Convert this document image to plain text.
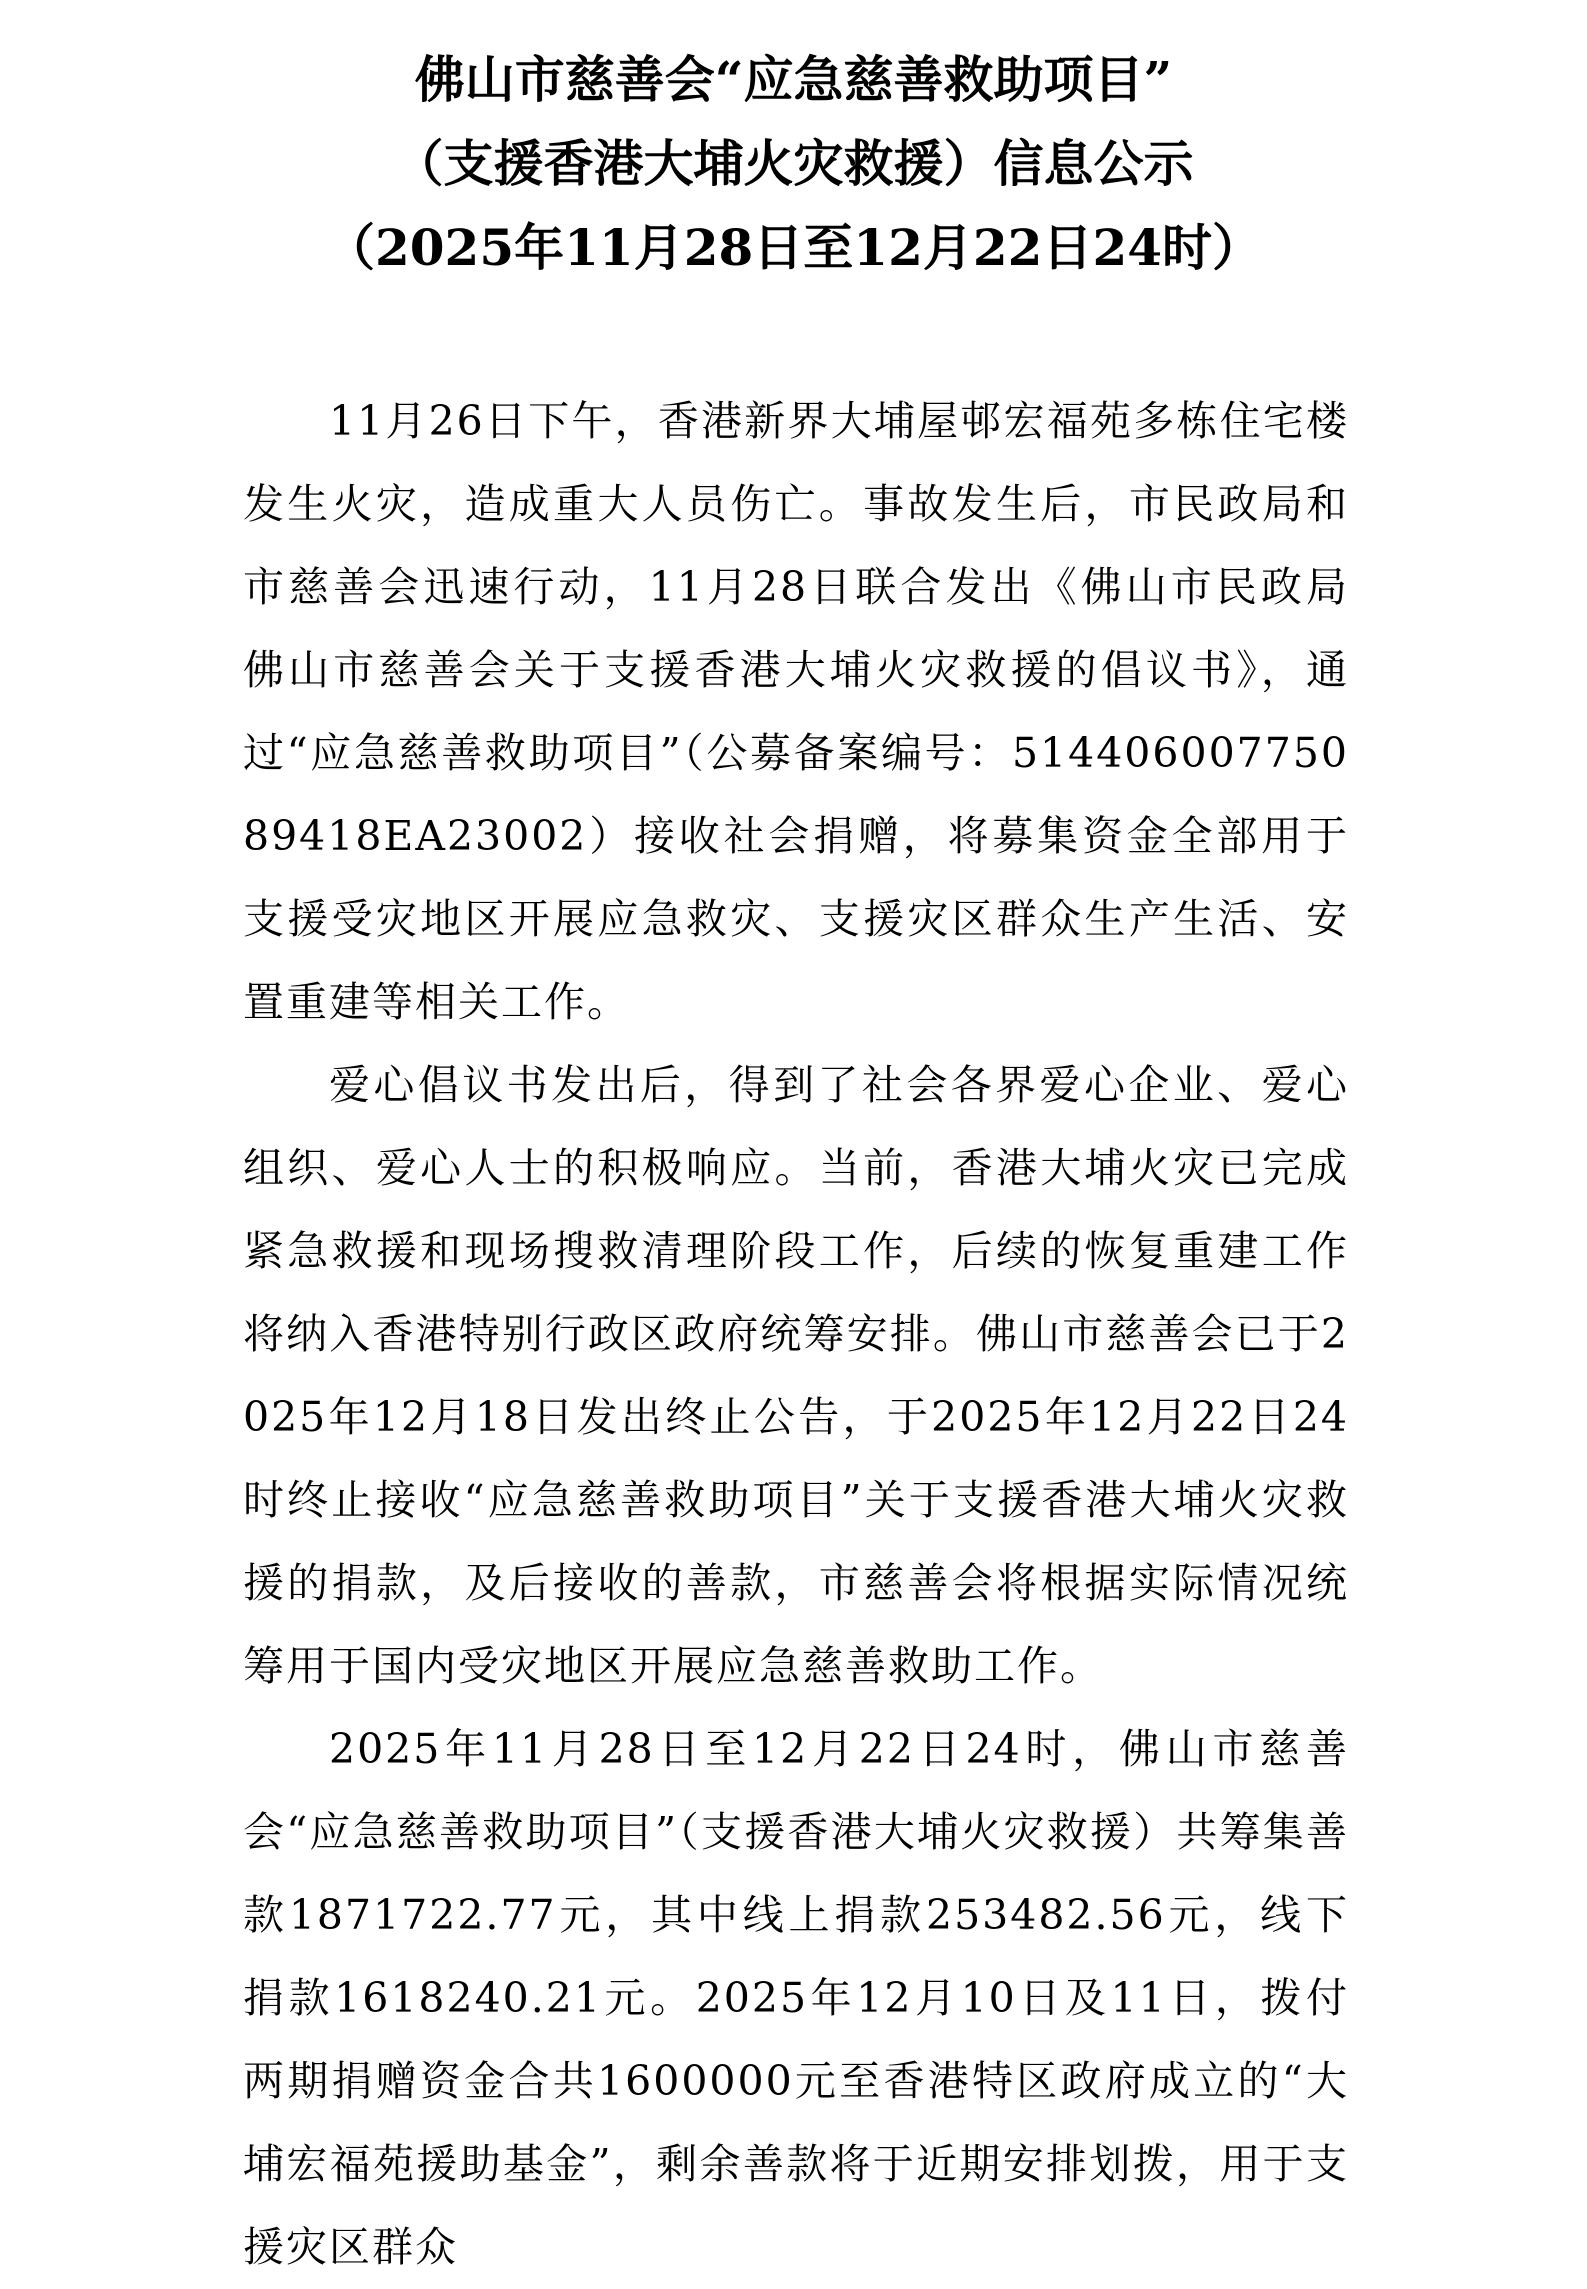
佛山市慈善会“应急慈善救助项目”
（支援香港大埔火灾救援）信息公示
（2025年11月28日至12月22日24时）

11月26日下午，香港新界大埔屋邨宏福苑多栋住宅楼发生火灾，造成重大人员伤亡。事故发生后，市民政局和市慈善会迅速行动，11月28日联合发出《佛山市民政局 佛山市慈善会关于支援香港大埔火灾救援的倡议书》，通过“应急慈善救助项目”（公募备案编号：51440600775089418EA23002）接收社会捐赠，将募集资金全部用于支援受灾地区开展应急救灾、支援灾区群众生产生活、安置重建等相关工作。

爱心倡议书发出后，得到了社会各界爱心企业、爱心组织、爱心人士的积极响应。当前，香港大埔火灾已完成紧急救援和现场搜救清理阶段工作，后续的恢复重建工作将纳入香港特别行政区政府统筹安排。佛山市慈善会已于2025年12月18日发出终止公告，于2025年12月22日24时终止接收“应急慈善救助项目”关于支援香港大埔火灾救援的捐款，及后接收的善款，市慈善会将根据实际情况统筹用于国内受灾地区开展应急慈善救助工作。

2025年11月28日至12月22日24时，佛山市慈善会“应急慈善救助项目”（支援香港大埔火灾救援）共筹集善款1871722.77元，其中线上捐款253482.56元，线下捐款1618240.21元。2025年12月10日及11日，拨付两期捐赠资金合共1600000元至香港特区政府成立的“大埔宏福苑援助基金”，剩余善款将于近期安排划拨，用于支援灾区群众
